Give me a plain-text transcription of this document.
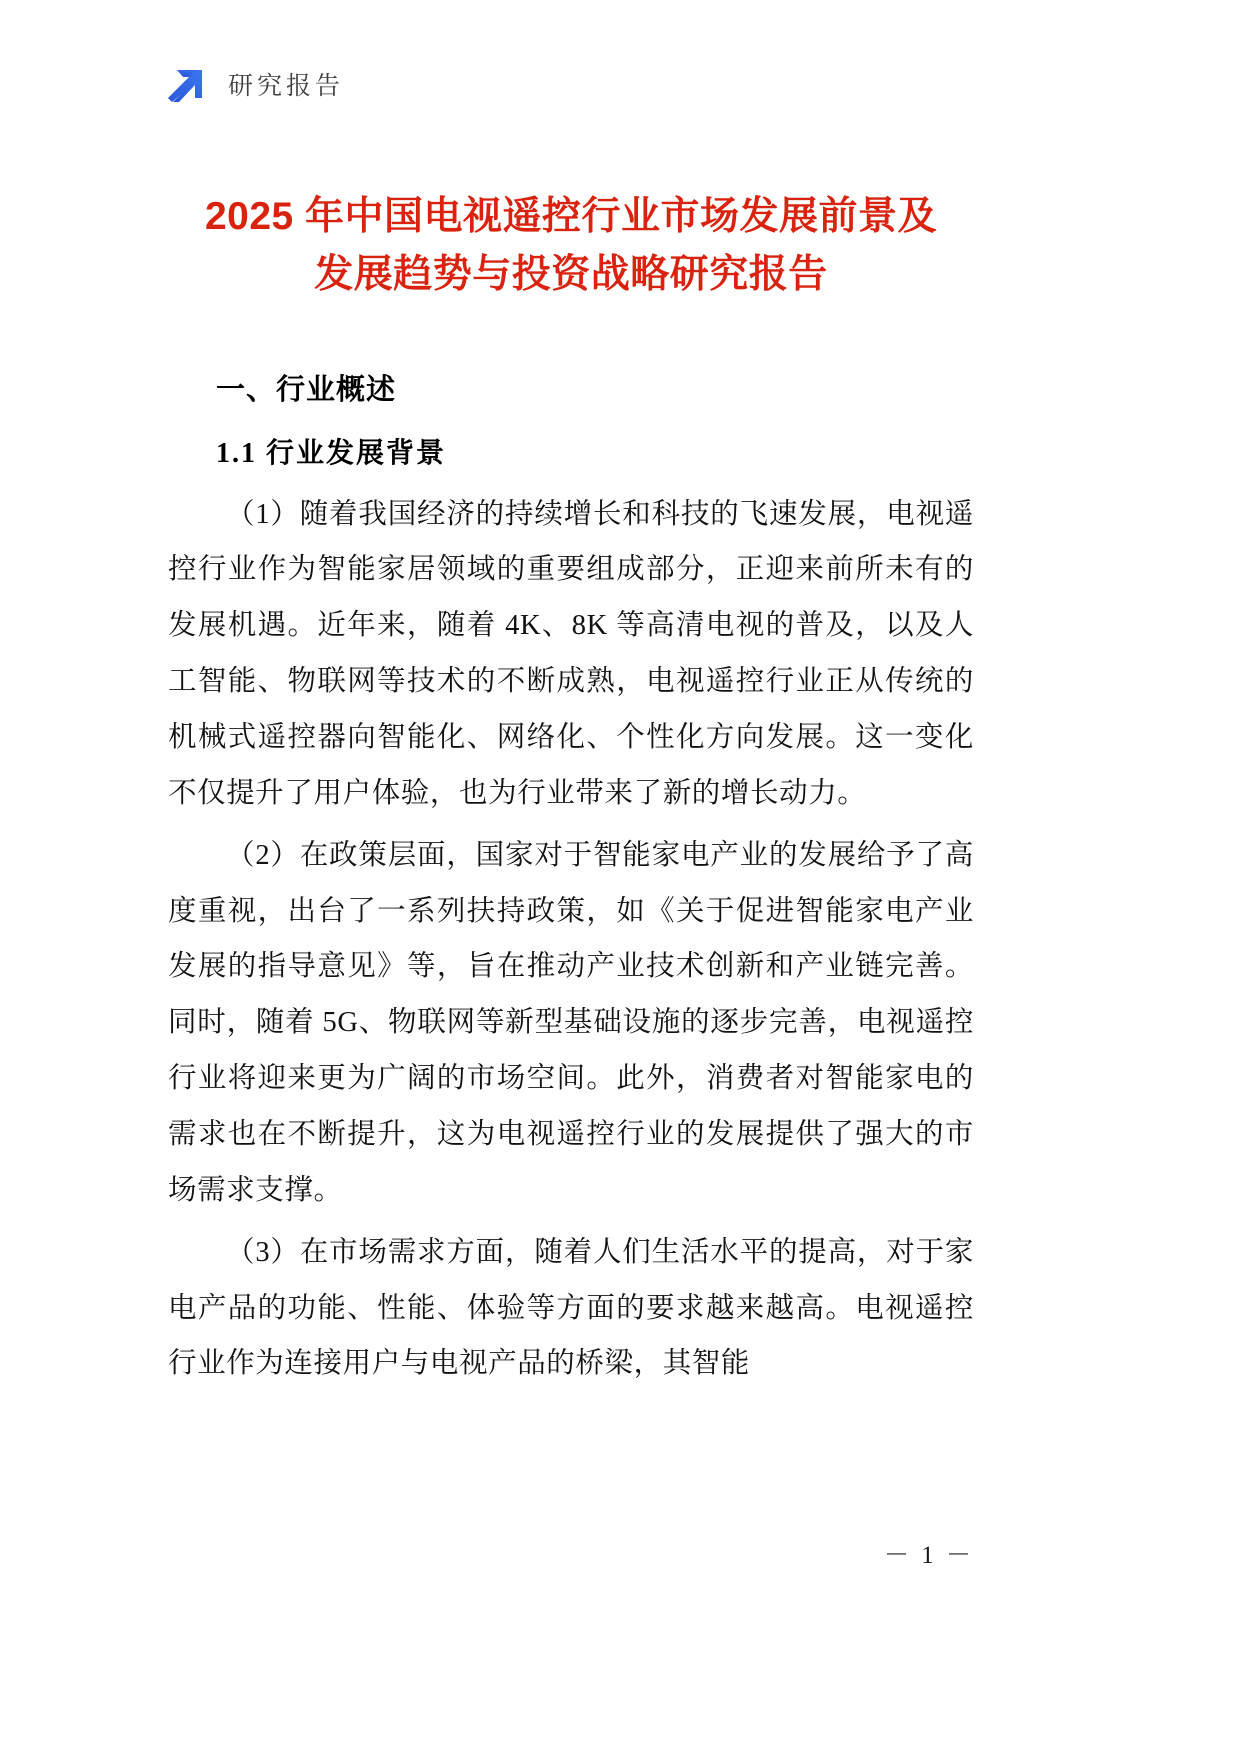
研究报告
2025 年中国电视遥控行业市场发展前景及
发展趋势与投资战略研究报告
一、行业概述
1.1 行业发展背景

（1）随着我国经济的持续增长和科技的飞速发展，电视遥控行业作为智能家居领域的重要组成部分，正迎来前所未有的发展机遇。近年来，随着 4K、8K 等高清电视的普及，以及人工智能、物联网等技术的不断成熟，电视遥控行业正从传统的机械式遥控器向智能化、网络化、个性化方向发展。这一变化不仅提升了用户体验，也为行业带来了新的增长动力。

（2）在政策层面，国家对于智能家电产业的发展给予了高度重视，出台了一系列扶持政策，如《关于促进智能家电产业发展的指导意见》等，旨在推动产业技术创新和产业链完善。同时，随着 5G、物联网等新型基础设施的逐步完善，电视遥控行业将迎来更为广阔的市场空间。此外，消费者对智能家电的需求也在不断提升，这为电视遥控行业的发展提供了强大的市场需求支撑。

（3）在市场需求方面，随着人们生活水平的提高，对于家电产品的功能、性能、体验等方面的要求越来越高。电视遥控行业作为连接用户与电视产品的桥梁，其智能

－ 1 －
